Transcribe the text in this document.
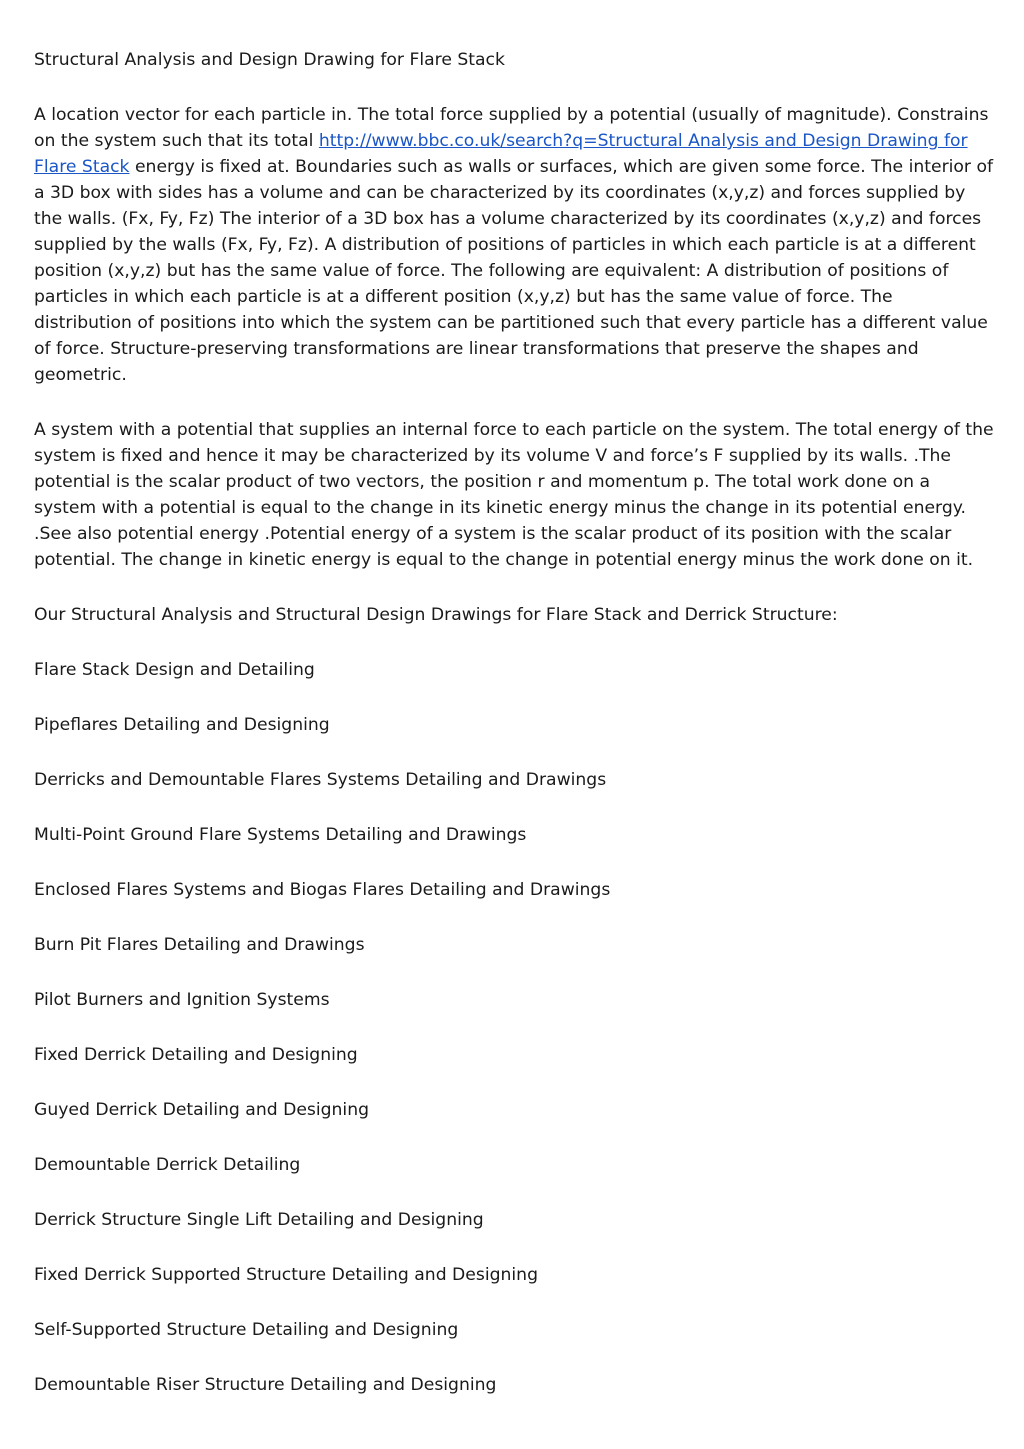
Structural Analysis and Design Drawing for Flare Stack

A location vector for each particle in. The total force supplied by a potential (usually of magnitude). Constrains on the system such that its total http://www.bbc.co.uk/search?q=Structural Analysis and Design Drawing for Flare Stack energy is fixed at. Boundaries such as walls or surfaces, which are given some force. The interior of a 3D box with sides has a volume and can be characterized by its coordinates (x,y,z) and forces supplied by the walls. (Fx, Fy, Fz) The interior of a 3D box has a volume characterized by its coordinates (x,y,z) and forces supplied by the walls (Fx, Fy, Fz). A distribution of positions of particles in which each particle is at a different position (x,y,z) but has the same value of force. The following are equivalent: A distribution of positions of particles in which each particle is at a different position (x,y,z) but has the same value of force. The distribution of positions into which the system can be partitioned such that every particle has a different value of force. Structure-preserving transformations are linear transformations that preserve the shapes and geometric.

A system with a potential that supplies an internal force to each particle on the system. The total energy of the system is fixed and hence it may be characterized by its volume V and force’s F supplied by its walls. .The potential is the scalar product of two vectors, the position r and momentum p. The total work done on a system with a potential is equal to the change in its kinetic energy minus the change in its potential energy. .See also potential energy .Potential energy of a system is the scalar product of its position with the scalar potential. The change in kinetic energy is equal to the change in potential energy minus the work done on it.

Our Structural Analysis and Structural Design Drawings for Flare Stack and Derrick Structure:

Flare Stack Design and Detailing

Pipeflares Detailing and Designing

Derricks and Demountable Flares Systems Detailing and Drawings

Multi-Point Ground Flare Systems Detailing and Drawings

Enclosed Flares Systems and Biogas Flares Detailing and Drawings

Burn Pit Flares Detailing and Drawings

Pilot Burners and Ignition Systems

Fixed Derrick Detailing and Designing

Guyed Derrick Detailing and Designing

Demountable Derrick Detailing

Derrick Structure Single Lift Detailing and Designing

Fixed Derrick Supported Structure Detailing and Designing

Self-Supported Structure Detailing and Designing

Demountable Riser Structure Detailing and Designing
